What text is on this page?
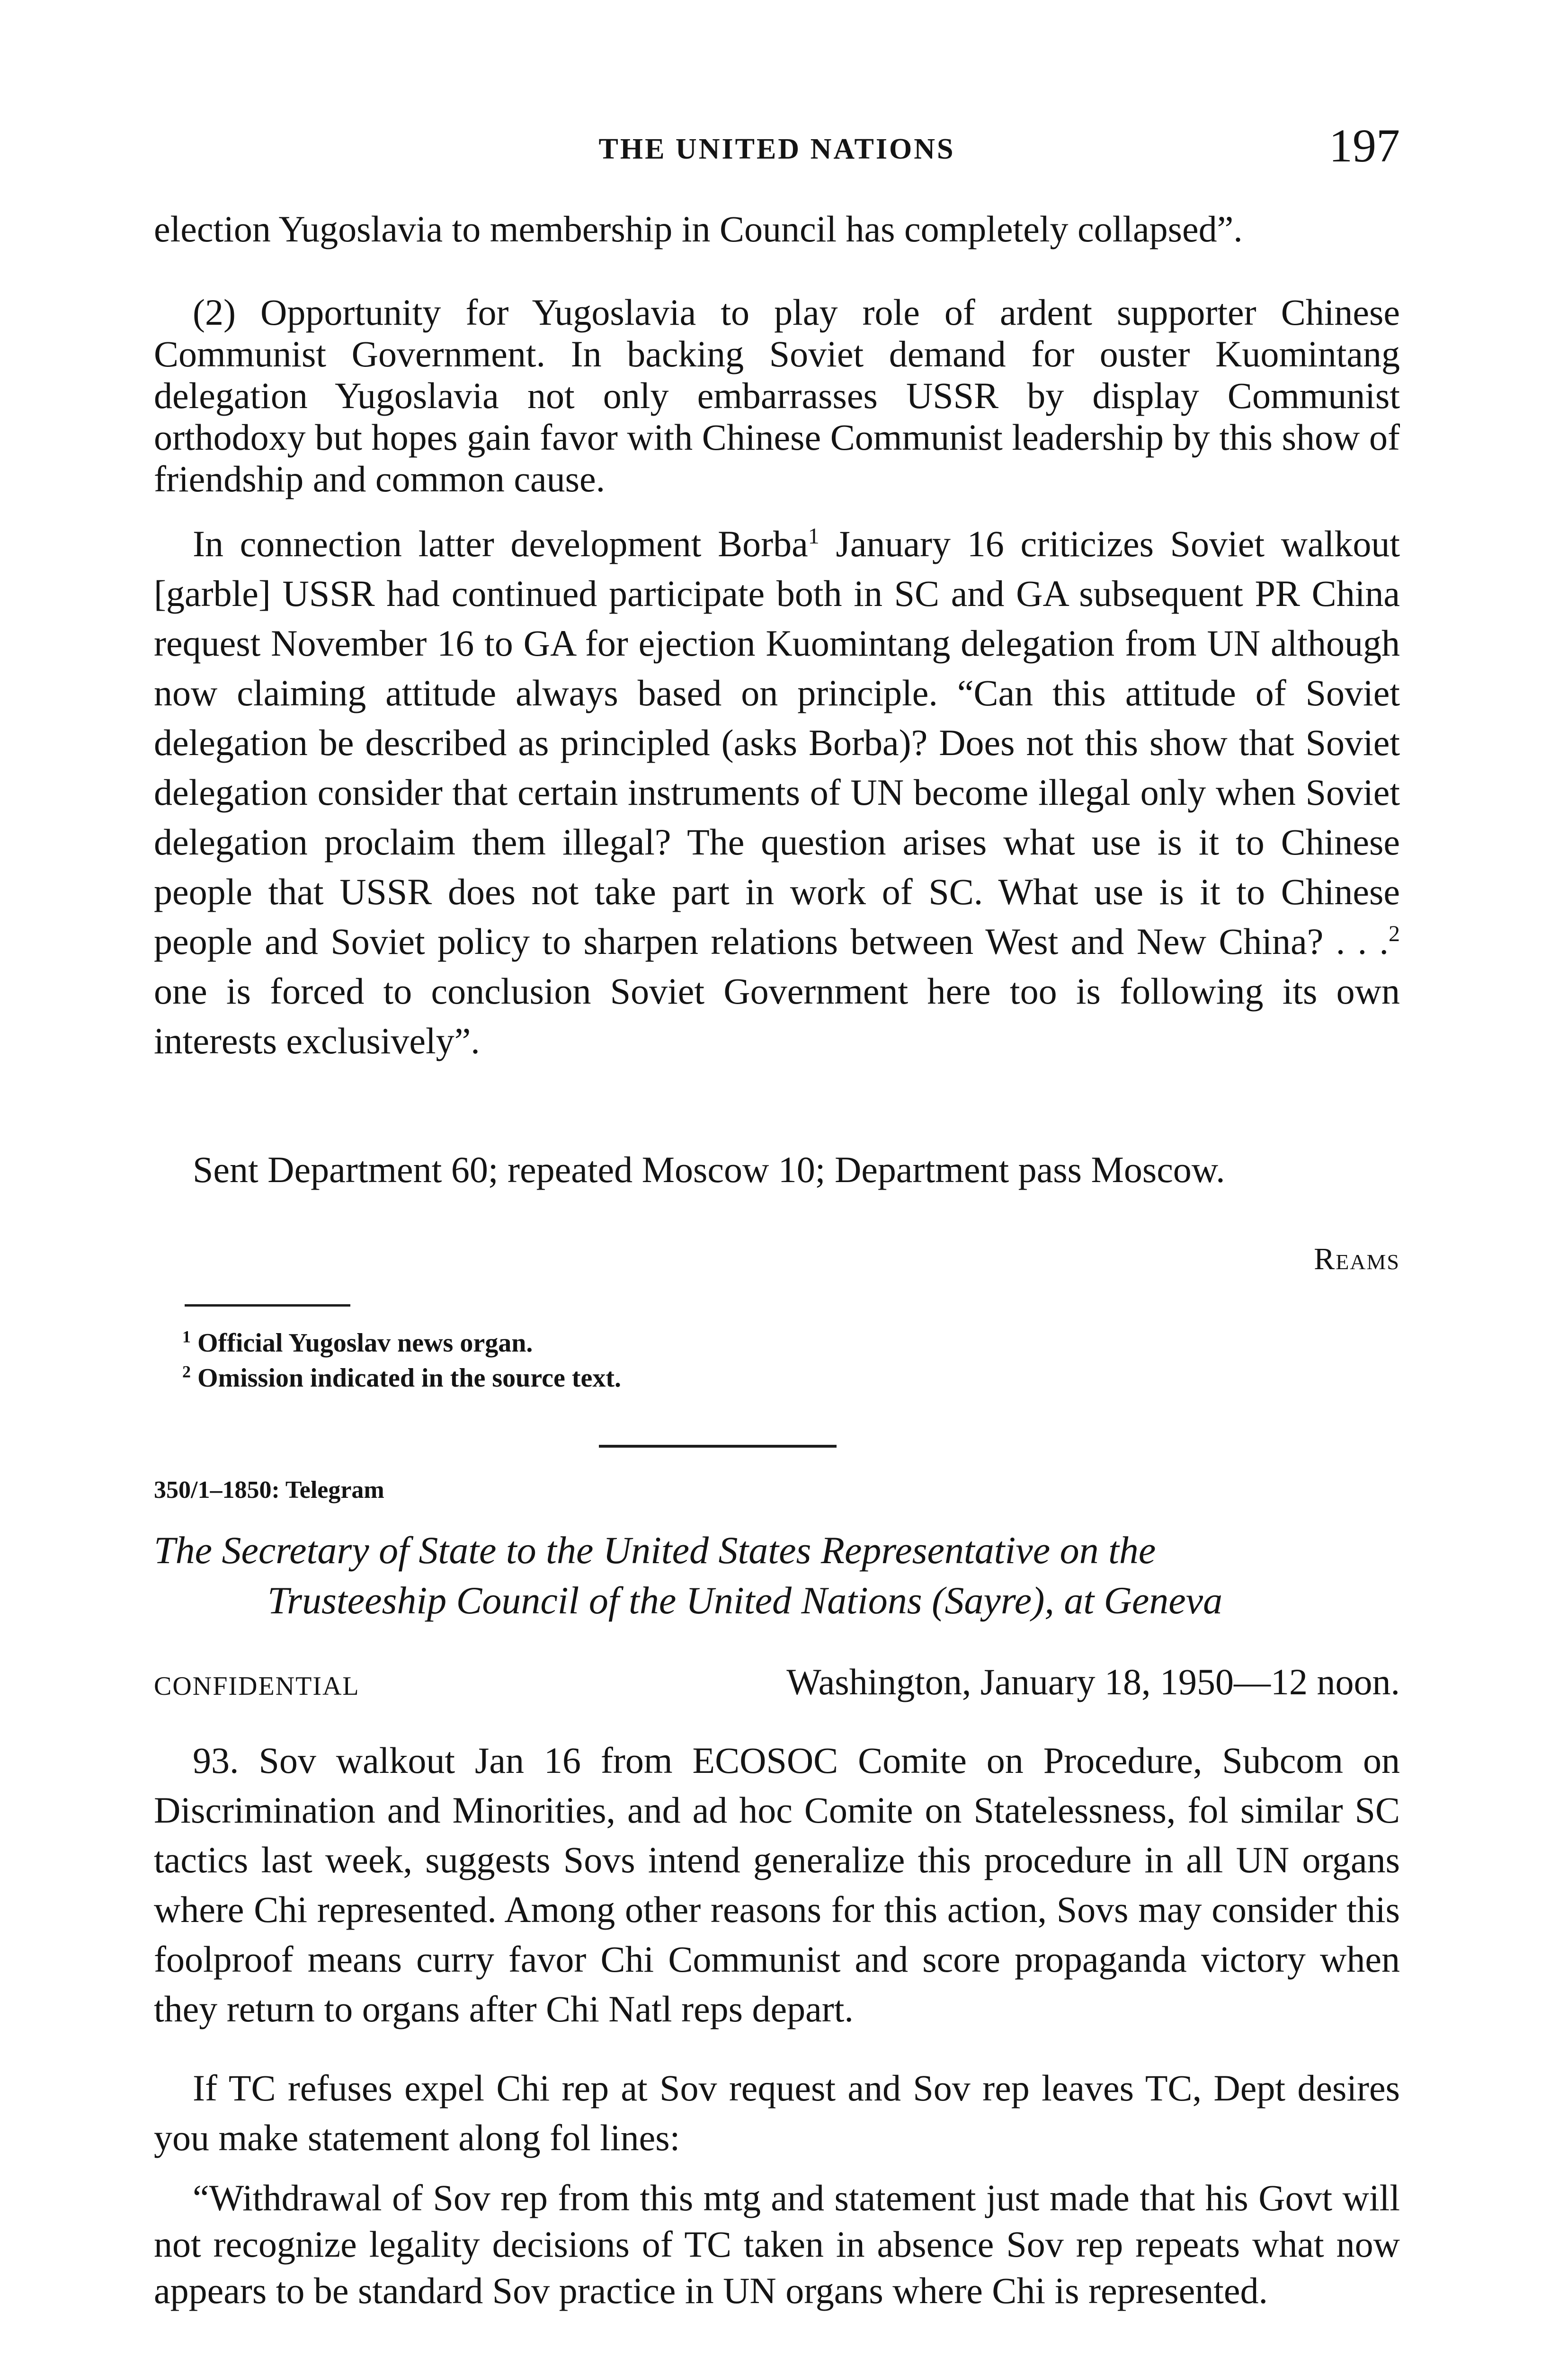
THE UNITED NATIONS	197

election Yugoslavia to membership in Council has completely collapsed”.

(2) Opportunity for Yugoslavia to play role of ardent supporter Chinese Communist Government. In backing Soviet demand for ouster Kuomintang delegation Yugoslavia not only embarrasses USSR by display Communist orthodoxy but hopes gain favor with Chinese Communist leadership by this show of friendship and common cause.

In connection latter development Borba$^1$ January 16 criticizes Soviet walkout [garble] USSR had continued participate both in SC and GA subsequent PR China request November 16 to GA for ejection Kuomintang delegation from UN although now claiming attitude always based on principle. “Can this attitude of Soviet delegation be described as principled (asks Borba)? Does not this show that Soviet delegation consider that certain instruments of UN become illegal only when Soviet delegation proclaim them illegal? The question arises what use is it to Chinese people that USSR does not take part in work of SC. What use is it to Chinese people and Soviet policy to sharpen relations between West and New China? . . .$^2$ one is forced to conclusion Soviet Government here too is following its own interests exclusively”.

Sent Department 60; repeated Moscow 10; Department pass Moscow.

Reams

$^1$ Official Yugoslav news organ.

$^2$ Omission indicated in the source text.

350/1–1850: Telegram
The Secretary of State to the United States Representative on the
Trusteeship Council of the United Nations (Sayre), at Geneva
CONFIDENTIAL	Washington, January 18, 1950—12 noon.

93. Sov walkout Jan 16 from ECOSOC Comite on Procedure, Subcom on Discrimination and Minorities, and ad hoc Comite on Statelessness, fol similar SC tactics last week, suggests Sovs intend generalize this procedure in all UN organs where Chi represented. Among other reasons for this action, Sovs may consider this foolproof means curry favor Chi Communist and score propaganda victory when they return to organs after Chi Natl reps depart.

If TC refuses expel Chi rep at Sov request and Sov rep leaves TC, Dept desires you make statement along fol lines:

“Withdrawal of Sov rep from this mtg and statement just made that his Govt will not recognize legality decisions of TC taken in absence Sov rep repeats what now appears to be standard Sov practice in UN organs where Chi is represented.
